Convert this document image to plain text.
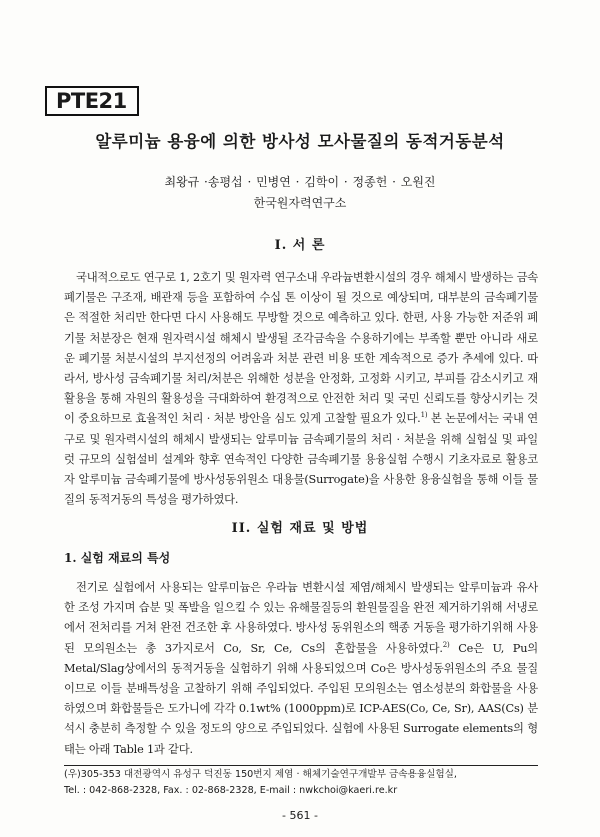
PTE21
알루미늄 용융에 의한 방사성 모사물질의 동적거동분석
최왕규 ·송평섭 · 민병연 · 김학이 · 정종헌 · 오원진
한국원자력연구소
I. 서 론

국내적으로도 연구로 1, 2호기 및 원자력 연구소내 우라늄변환시설의 경우 해체시 발생하는 금속폐기물은 구조재, 배관재 등을 포함하여 수십 톤 이상이 될 것으로 예상되며, 대부분의 금속폐기물은 적절한 처리만 한다면 다시 사용해도 무방할 것으로 예측하고 있다. 한편, 사용 가능한 저준위 폐기물 처분장은 현재 원자력시설 해체시 발생될 조각금속을 수용하기에는 부족할 뿐만 아니라 새로운 폐기물 처분시설의 부지선정의 어려움과 처분 관련 비용 또한 계속적으로 증가 추세에 있다. 따라서, 방사성 금속폐기물 처리/처분은 위해한 성분을 안정화, 고정화 시키고, 부피를 감소시키고 재활용을 통해 자원의 활용성을 극대화하여 환경적으로 안전한 처리 및 국민 신뢰도를 향상시키는 것이 중요하므로 효율적인 처리 · 처분 방안을 심도 있게 고찰할 필요가 있다.$^{1)}$ 본 논문에서는 국내 연구로 및 원자력시설의 해체시 발생되는 알루미늄 금속폐기물의 처리 · 처분을 위해 실험실 및 파일럿 규모의 실험설비 설계와 향후 연속적인 다양한 금속폐기물 용융실험 수행시 기초자료로 활용코자 알루미늄 금속폐기물에 방사성동위원소 대용물(Surrogate)을 사용한 용융실험을 통해 이들 물질의 동적거동의 특성을 평가하였다.

II. 실험 재료 및 방법
1. 실험 재료의 특성

전기로 실험에서 사용되는 알루미늄은 우라늄 변환시설 제염/해체시 발생되는 알루미늄과 유사한 조성 가지며 습분 및 폭발을 일으킬 수 있는 유해물질등의 환원물질을 완전 제거하기위해 서냉로에서 전처리를 거쳐 완전 건조한 후 사용하였다. 방사성 동위원소의 핵종 거동을 평가하기위해 사용된 모의원소는 총 3가지로서 Co, Sr, Ce, Cs의 혼합물을 사용하였다.$^{2)}$ Ce은 U, Pu의 Metal/Slag상에서의 동적거동을 실험하기 위해 사용되었으며 Co은 방사성동위원소의 주요 물질이므로 이들 분배특성을 고찰하기 위해 주입되었다. 주입된 모의원소는 염소성분의 화합물을 사용하였으며 화합물들은 도가니에 각각 0.1wt% (1000ppm)로 ICP-AES(Co, Ce, Sr), AAS(Cs) 분석시 충분히 측정할 수 있을 정도의 양으로 주입되었다. 실험에 사용된 Surrogate elements의 형태는 아래 Table 1과 같다.

(우)305-353 대전광역시 유성구 덕진동 150번지 제염 · 해체기술연구개발부 금속용융실험실,
Tel. : 042-868-2328, Fax. : 02-868-2328, E-mail : nwkchoi@kaeri.re.kr
- 561 -
